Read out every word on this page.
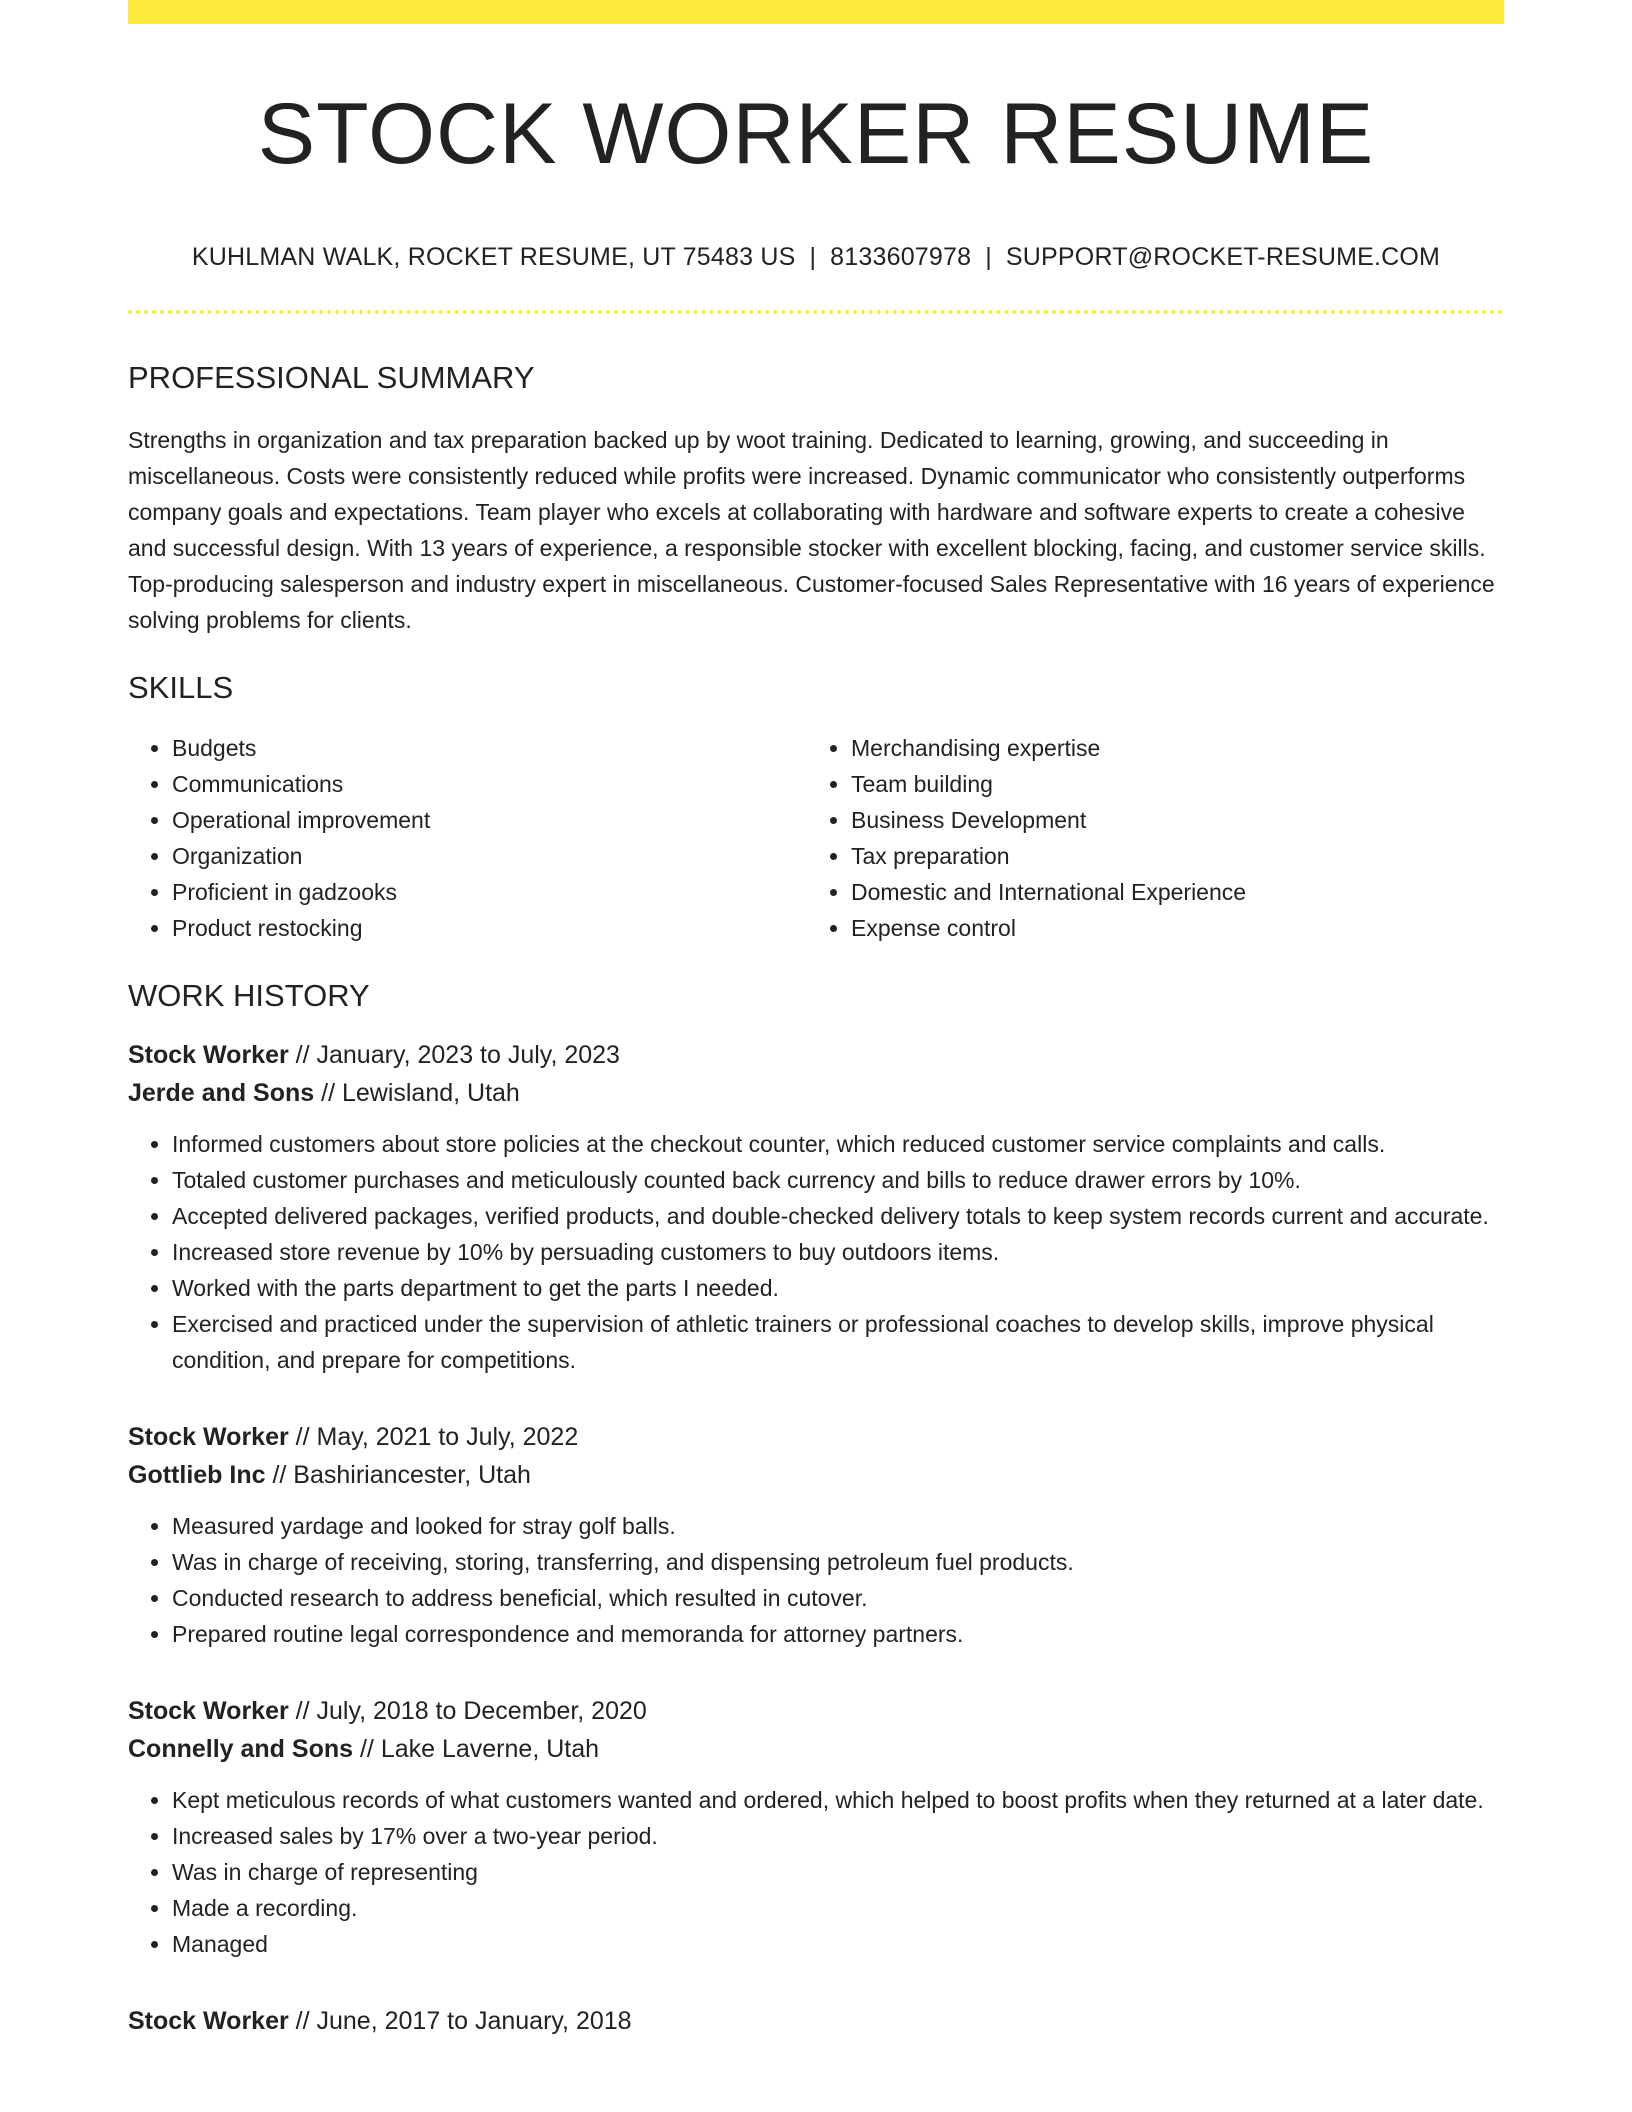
STOCK WORKER RESUME
KUHLMAN WALK, ROCKET RESUME, UT 75483 US | 8133607978 | SUPPORT@ROCKET-RESUME.COM
PROFESSIONAL SUMMARY

Strengths in organization and tax preparation backed up by woot training. Dedicated to learning, growing, and succeeding in miscellaneous. Costs were consistently reduced while profits were increased. Dynamic communicator who consistently outperforms company goals and expectations. Team player who excels at collaborating with hardware and software experts to create a cohesive and successful design. With 13 years of experience, a responsible stocker with excellent blocking, facing, and customer service skills. Top-producing salesperson and industry expert in miscellaneous. Customer-focused Sales Representative with 16 years of experience solving problems for clients.

SKILLS
• Budgets
• Communications
• Operational improvement
• Organization
• Proficient in gadzooks
• Product restocking
• Merchandising expertise
• Team building
• Business Development
• Tax preparation
• Domestic and International Experience
• Expense control
WORK HISTORY
Stock Worker // January, 2023 to July, 2023
Jerde and Sons // Lewisland, Utah
• Informed customers about store policies at the checkout counter, which reduced customer service complaints and calls.
• Totaled customer purchases and meticulously counted back currency and bills to reduce drawer errors by 10%.
• Accepted delivered packages, verified products, and double-checked delivery totals to keep system records current and accurate.
• Increased store revenue by 10% by persuading customers to buy outdoors items.
• Worked with the parts department to get the parts I needed.
• Exercised and practiced under the supervision of athletic trainers or professional coaches to develop skills, improve physical condition, and prepare for competitions.
Stock Worker // May, 2021 to July, 2022
Gottlieb Inc // Bashiriancester, Utah
• Measured yardage and looked for stray golf balls.
• Was in charge of receiving, storing, transferring, and dispensing petroleum fuel products.
• Conducted research to address beneficial, which resulted in cutover.
• Prepared routine legal correspondence and memoranda for attorney partners.
Stock Worker // July, 2018 to December, 2020
Connelly and Sons // Lake Laverne, Utah
• Kept meticulous records of what customers wanted and ordered, which helped to boost profits when they returned at a later date.
• Increased sales by 17% over a two-year period.
• Was in charge of representing
• Made a recording.
• Managed
Stock Worker // June, 2017 to January, 2018
